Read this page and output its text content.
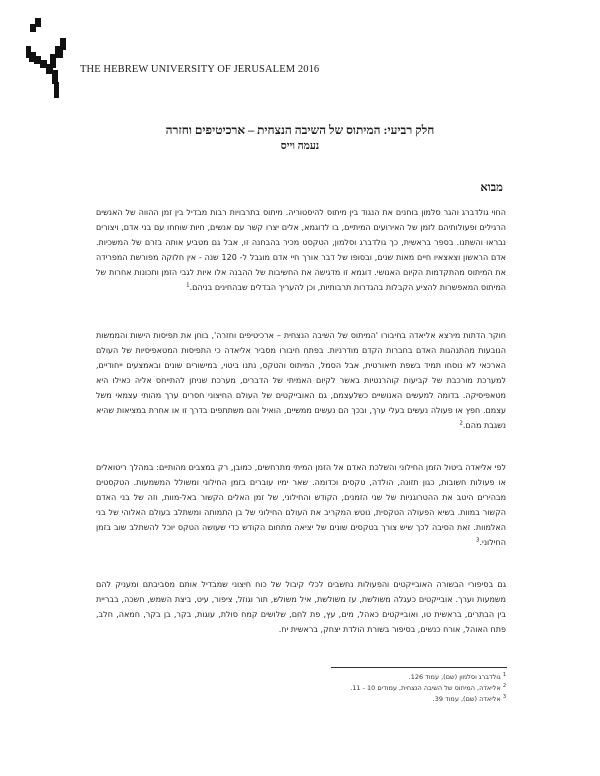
THE HEBREW UNIVERSITY OF JERUSALEM 2016
חלק רביעי: המיתוס של השיבה הנצחית – ארכיטיפים וחזרה
נעמה וייס
מבוא
החוי גולדברג והגר סלמון בוחנים את הנגוד בין מיתוס להיסטוריה. מיתוס בתרבויות רבות מבדיל בין זמן ההווה של האנשים הרגילים ופעולותיהם לזמן של האירועים המיתיים, בו לדוגמא, אלים יצרו קשר עם אנשים, חיות שוחחו עם בני אדם, ויצורים נבראו והשתנו. בספר בראשית, כך גולדברג וסלמון, הטקסט מכיר בהבחנה זו, אבל גם מטביע אותה בזרם של המשכיות. אדם הראשון וצאצאיו חיים מאות שנים, ובסופו של דבר אורך חיי אדם מוגבל ל- 120 שנה - אין חלוקה מפורשת המפרידה את המיתוס מהתקדמות הקיום האנושי. דוגמא זו מדגישה את החשיבות של ההבנה אלו איות לגבי הזמן ותכונות אחרות של המיתוס המאפשרות להציע הקבלות בהגדרות תרבותיות, וכן להעריך הבדלים שבהחינים בניהם.$^1$
חוקר הדתות מירצא אליאדה בחיבורו 'המיתוס של השיבה הנצחית – ארכיטיפים וחזרה', בוחן את תפיסות הישות והממשות הנובעות מהתנהגות האדם בחברות הקדם מודרניות. בפתח חיבורו מסביר אליאדה כי התפיסות המטאפיסיות של העולם הארכאי לא נוסחו תמיד בשפת תיאורטית, אבל הסמל, המיתוס והטקס, נתנו ביטוי, במישורים שונים ובאמצעים ייחודיים, למערכת מורכבת של קביעות קוהרנטיות באשר לקיום האמיתי של הדברים, מערכת שניתן להתייחס אליה כאילו היא מטאפיסיקה. בדומה למעשים האנושיים כשלעצמם, גם האובייקטים של העולם החיצוני חסרים ערך מהותי עצמאי משל עצמם. חפץ או פעולה נעשים בעלי ערך, ובכך הם נעשים ממשיים, הואיל והם משתתפים בדרך זו או אחרת במציאות שהיא נשגבת מהם.$^2$
לפי אליאדה ביטול הזמן החילוני והשלכת האדם אל הזמן המיתי מתרחשים, כמובן, רק במצבים מהותיים: במהלך ריטואלים או פעולות חשובות, כגון תזונה, הולדה, טקסים וכדומה. שאר ימיו עוברים בזמן החילוני ומשולל המשמעות. הטקסטים מבהירים היטב את ההטרוגניות של שני הזמנים, הקודש והחילוני, של זמן האלים הקשור באל-מוות, וזה של בני האדם הקשור במוות. בשיא הפעולה הטקסית, נוטש המקריב את העולם החילוני של בן התמותה ומשתלב בעולם האלוהי של בני האלמוות. זאת הסיבה לכך שיש צורך בטקסים שונים של יציאה מתחום הקודש כדי שעושה הטקס יוכל להשתלב שוב בזמן החילוני.$^3$
גם בסיפורי הבשורה האובייקטים והפעולות נחשבים לכלי קיבול של כוח חיצוני שמבדיל אותם מסביבתם ומעניק להם משמעות וערך. אובייקטים כעגלה משולשת, עז משולשת, איל משולש, תור וגוזל, ציפור, עיט, ביצת השמש, חשכה, בבריית בין הבתרים, בראשית טו, ואובייקטים כאהל, מים, עץ, פת לחם, שלושים קמח סולת, עוגות, בקר, בן בקר, חמאה, חלב, פתח האוהל, אורח כנשים, בסיפור בשורת הולדת יצחק, בראשית יח.
$^1$ גולדברג וסלמון (שם), עמוד 126.
$^2$ אליאדה, המיתוס של השיבה הנצחית, עמודים 10 - 11.
$^3$ אליאדה (שם), עמוד 39.
